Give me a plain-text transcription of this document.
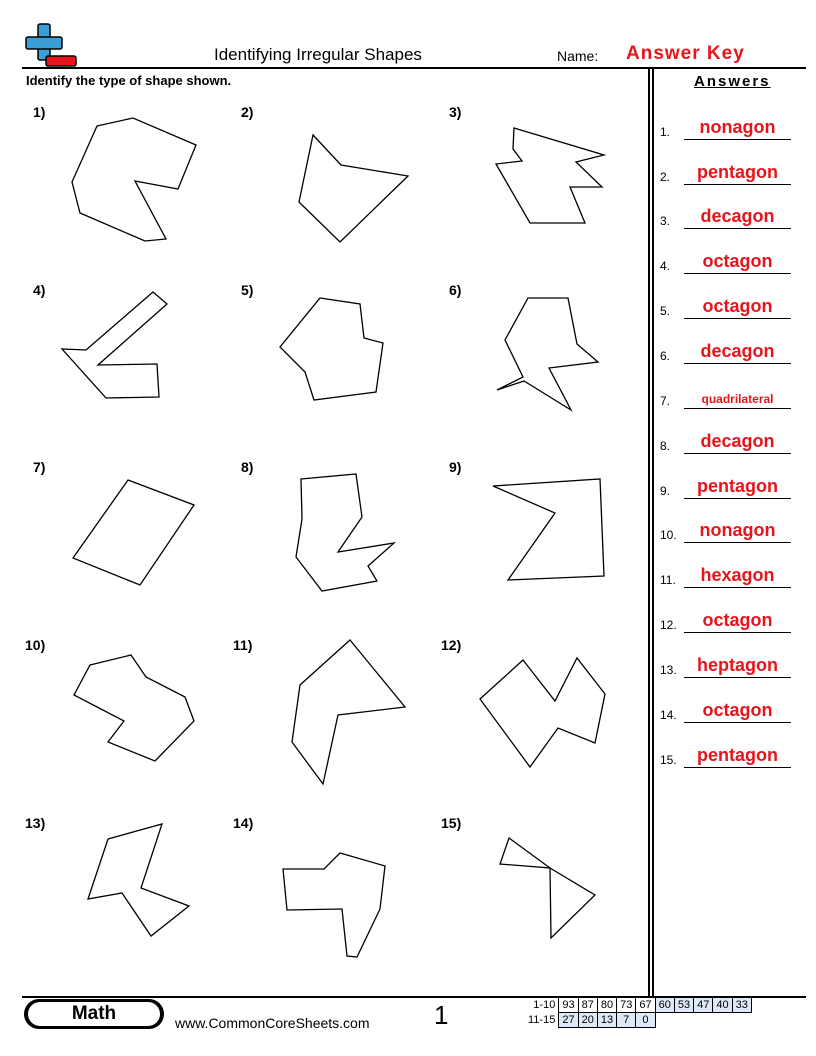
Identifying Irregular Shapes	Name: Answer Key
Identify the type of shape shown.
1)	2)	3)
4)	5)	6)
7)	8)	9)
10)	11)	12)
13)	14)	15)
Answers
1.	nonagon
2.	pentagon
3.	decagon
4.	octagon
5.	octagon
6.	decagon
7.	quadrilateral
8.	decagon
9.	pentagon
10.	nonagon
11.	hexagon
12.	octagon
13.	heptagon
14.	octagon
15.	pentagon
Math	www.CommonCoreSheets.com 1	1-10	93	87	80	73	67	60	53	47	40	33
11-15	27	20	13	7	0					
